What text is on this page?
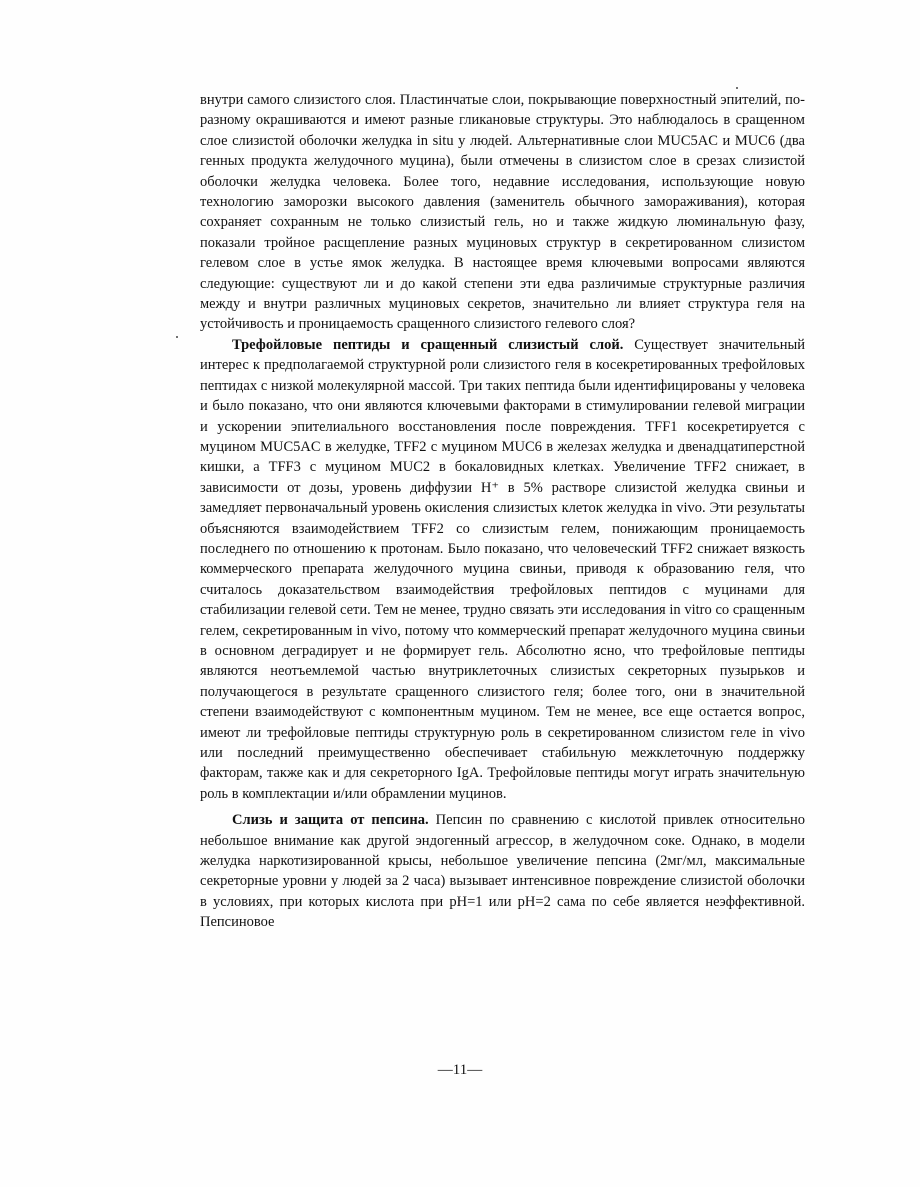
внутри самого слизистого слоя. Пластинчатые слои, покрывающие поверхностный эпителий, по-разному окрашиваются и имеют разные гликановые структуры. Это наблюдалось в сращенном слое слизистой оболочки желудка in situ у людей. Альтернативные слои MUC5AC и MUC6 (два генных продукта желудочного муцина), были отмечены в слизистом слое в срезах слизистой оболочки желудка человека. Более того, недавние исследования, использующие новую технологию заморозки высокого давления (заменитель обычного замораживания), которая сохраняет сохранным не только слизистый гель, но и также жидкую люминальную фазу, показали тройное расщепление разных муциновых структур в секретированном слизистом гелевом слое в устье ямок желудка. В настоящее время ключевыми вопросами являются следующие: существуют ли и до какой степени эти едва различимые структурные различия между и внутри различных муциновых секретов, значительно ли влияет структура геля на устойчивость и проницаемость сращенного слизистого гелевого слоя?

Трефойловые пептиды и сращенный слизистый слой. Существует значительный интерес к предполагаемой структурной роли слизистого геля в косекретированных трефойловых пептидах с низкой молекулярной массой. Три таких пептида были идентифицированы у человека и было показано, что они являются ключевыми факторами в стимулировании гелевой миграции и ускорении эпителиального восстановления после повреждения. TFF1 косекретируется с муцином MUC5AC в желудке, TFF2 с муцином MUC6 в железах желудка и двенадцатиперстной кишки, а TFF3 с муцином MUC2 в бокаловидных клетках. Увеличение TFF2 снижает, в зависимости от дозы, уровень диффузии H⁺ в 5% растворе слизистой желудка свиньи и замедляет первоначальный уровень окисления слизистых клеток желудка in vivo. Эти результаты объясняются взаимодействием TFF2 со слизистым гелем, понижающим проницаемость последнего по отношению к протонам. Было показано, что человеческий TFF2 снижает вязкость коммерческого препарата желудочного муцина свиньи, приводя к образованию геля, что считалось доказательством взаимодействия трефойловых пептидов с муцинами для стабилизации гелевой сети. Тем не менее, трудно связать эти исследования in vitro со сращенным гелем, секретированным in vivo, потому что коммерческий препарат желудочного муцина свиньи в основном деградирует и не формирует гель. Абсолютно ясно, что трефойловые пептиды являются неотъемлемой частью внутриклеточных слизистых секреторных пузырьков и получающегося в результате сращенного слизистого геля; более того, они в значительной степени взаимодействуют с компонентным муцином. Тем не менее, все еще остается вопрос, имеют ли трефойловые пептиды структурную роль в секретированном слизистом геле in vivo или последний преимущественно обеспечивает стабильную межклеточную поддержку факторам, также как и для секреторного IgA. Трефойловые пептиды могут играть значительную роль в комплектации и/или обрамлении муцинов.

Слизь и защита от пепсина. Пепсин по сравнению с кислотой привлек относительно небольшое внимание как другой эндогенный агрессор, в желудочном соке. Однако, в модели желудка наркотизированной крысы, небольшое увеличение пепсина (2мг/мл, максимальные секреторные уровни у людей за 2 часа) вызывает интенсивное повреждение слизистой оболочки в условиях, при которых кислота при pH=1 или pH=2 сама по себе является неэффективной. Пепсиновое

—11—
